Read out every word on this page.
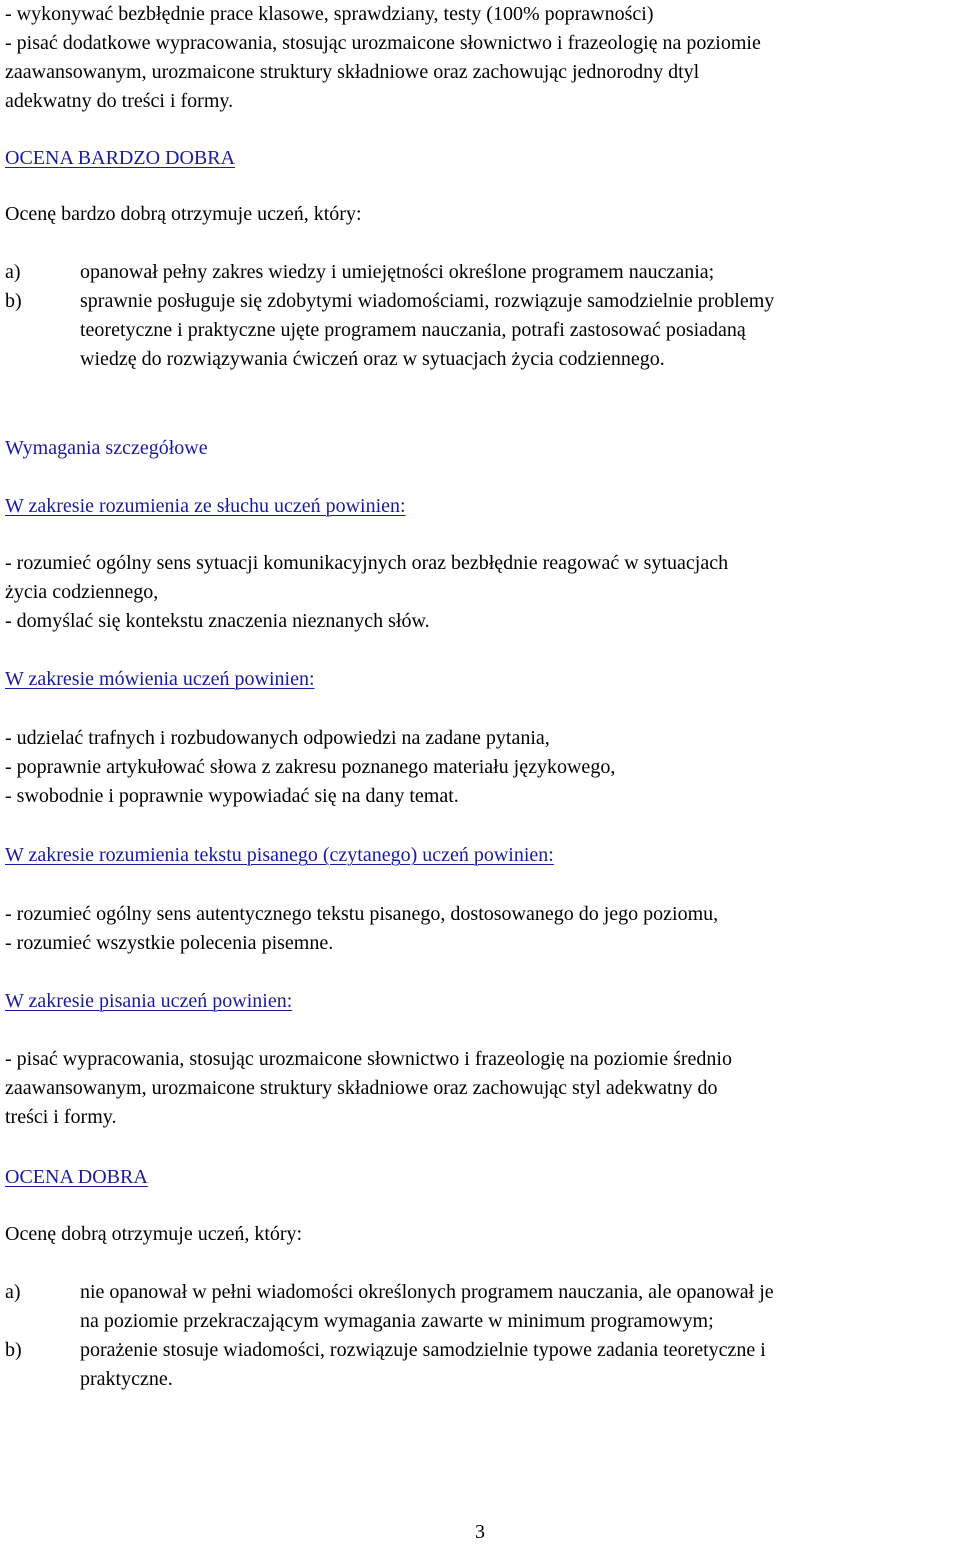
- wykonywać bezbłędnie prace klasowe, sprawdziany, testy (100% poprawności)

- pisać dodatkowe wypracowania, stosując urozmaicone słownictwo i frazeologię na poziomie

zaawansowanym, urozmaicone struktury składniowe oraz zachowując jednorodny dtyl

adekwatny do treści i formy.

OCENA BARDZO DOBRA

Ocenę bardzo dobrą otrzymuje uczeń, który:

a)	opanował pełny zakres wiedzy i umiejętności określone programem nauczania;

b)	sprawnie posługuje się zdobytymi wiadomościami, rozwiązuje samodzielnie problemy

teoretyczne i praktyczne ujęte programem nauczania, potrafi zastosować posiadaną

wiedzę do rozwiązywania ćwiczeń oraz w sytuacjach życia codziennego.

Wymagania szczegółowe

W zakresie rozumienia ze słuchu uczeń powinien:

- rozumieć ogólny sens sytuacji komunikacyjnych oraz bezbłędnie reagować w sytuacjach

życia codziennego,

- domyślać się kontekstu znaczenia nieznanych słów.

W zakresie mówienia uczeń powinien:

- udzielać trafnych i rozbudowanych odpowiedzi na zadane pytania,

- poprawnie artykułować słowa z zakresu poznanego materiału językowego,

- swobodnie i poprawnie wypowiadać się na dany temat.

W zakresie rozumienia tekstu pisanego (czytanego) uczeń powinien:

- rozumieć ogólny sens autentycznego tekstu pisanego, dostosowanego do jego poziomu,

- rozumieć wszystkie polecenia pisemne.

W zakresie pisania uczeń powinien:

- pisać wypracowania, stosując urozmaicone słownictwo i frazeologię na poziomie średnio

zaawansowanym, urozmaicone struktury składniowe oraz zachowując styl adekwatny do

treści i formy.

OCENA DOBRA

Ocenę dobrą otrzymuje uczeń, który:

a)	nie opanował w pełni wiadomości określonych programem nauczania, ale opanował je

na poziomie przekraczającym wymagania zawarte w minimum programowym;

b)	porażenie stosuje wiadomości, rozwiązuje samodzielnie typowe zadania teoretyczne i

praktyczne.

3
